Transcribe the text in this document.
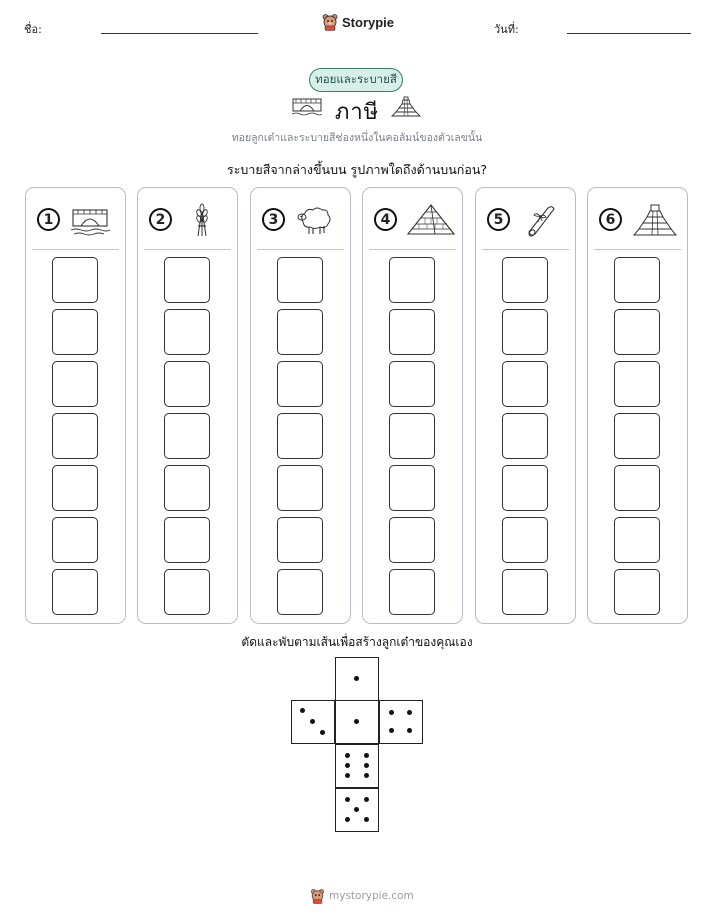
ชื่อ:	Storypie	วันที่:
ทอยและระบายสี
ภาษี
ทอยลูกเต๋าและระบายสีช่องหนึ่งในคอลัมน์ของตัวเลขนั้น
ระบายสีจากล่างขึ้นบน รูปภาพใดถึงด้านบนก่อน?
1	2	3	4	5	6
ตัดและพับตามเส้นเพื่อสร้างลูกเต๋าของคุณเอง
mystorypie.com
